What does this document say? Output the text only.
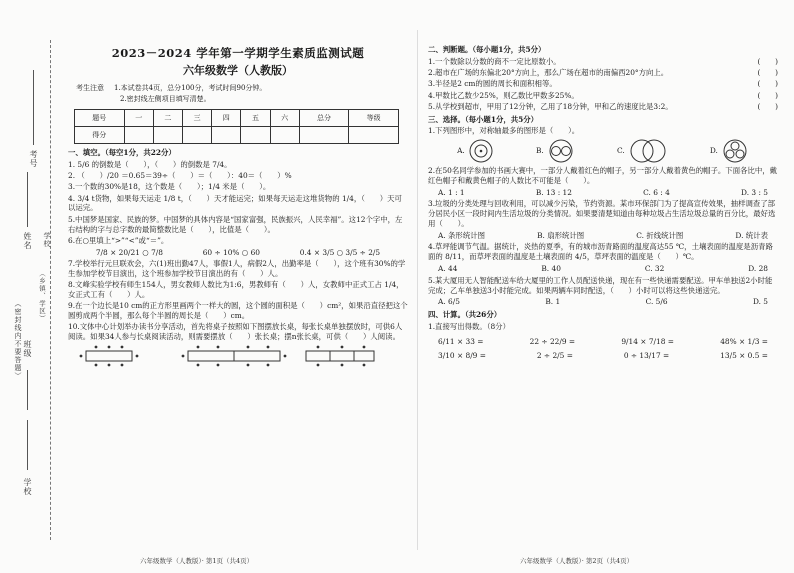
考号
姓名 学校
（密封线内不要答题） 班级
学校
（乡镇、学区）
2023－2024 学年第一学期学生素质监测试题
六年级数学（人教版）
考生注意 1.本试卷共4页，总分100分，考试时间90分钟。
2.密封线左侧项目填写清楚。
题号	一	二	三	四	五	六	总分	等级
得分								
一、填空。（每空1分，共22分）
1. 5/6 的倒数是（　　），（　　）的倒数是 7/4。
2. （　　）/20 ＝0.65＝39÷（　　）＝（　　）：40＝（　　）%
3.一个数的30%是18，这个数是（　　）；1/4 米是（　　）。
4. 3/4 t货物，如果每天运走 1/8 t，（　　）天才能运完；如果每天运走这堆货物的 1/4，（　　）天可以运完。
5.中国梦是国家、民族的梦。中国梦的具体内容是“国家富强，民族振兴，人民幸福”。这12个字中，左右结构的字与总字数的最简整数比是（　　），比值是（　　）。
6.在○里填上“>”“<”或“＝”。
7/8 × 20/21 ○ 7/8	60 ÷ 10% ○ 60	0.4 × 3/5 ○ 3/5 ÷ 2/5
7.学校举行元旦联欢会，六(1)班出勤47人，事假1人，病假2人，出勤率是（　　），这个班有30%的学生参加学校节目演出，这个班参加学校节目演出的有（　　）人。
8.文峰实验学校有师生154人，男女教师人数比为1:6，男教师有（　　）人，女教师中正式工占 1/4，女正式工有（　　）人。
9.在一个边长是10 cm的正方形里画两个一样大的圆，这个圆的面积是（　　）cm²，如果沿直径把这个圆剪成两个半圆，那么每个半圆的周长是（　　）cm。
10.文体中心计划举办读书分享活动，首先将桌子按照如下图摆放长桌，每张长桌单独摆放时，可供6人阅读。如果34人参与长桌阅读活动，则需要摆放（　　）张长桌；摆n张长桌，可供（　　）人阅读。
六年级数学（人教版）· 第1页（共4页）
二、判断题。（每小题1分，共5分）
1.一个数除以分数的商不一定比原数小。	(　　)
2.超市在广场的东偏北20°方向上，那么广场在超市的南偏西20°方向上。	(　　)
3.半径是2 cm的圆的周长和面积相等。	(　　)
4.甲数比乙数少25%，则乙数比甲数多25%。	(　　)
5.从学校到超市，甲用了12分钟，乙用了18分钟，甲和乙的速度比是3:2。	(　　)
三、选择。（每小题1分，共5分）
1.下列图形中，对称轴最多的图形是（　　）。
A.	B.	C.	D.
2.在50名同学参加的书画大赛中，一部分人戴着红色的帽子，另一部分人戴着黄色的帽子。下面各比中，戴红色帽子和戴黄色帽子的人数比不可能是（　　）。
A. 1 : 1	B. 13 : 12	C. 6 : 4	D. 3 : 5
3.垃圾的分类处理与回收利用，可以减少污染，节约资源。某市环保部门为了提高宣传效果，抽样调查了部分居民小区一段时间内生活垃圾的分类情况。如果要清楚知道由每种垃圾占生活垃圾总量的百分比，最好选用（　　）。
A. 条形统计图	B. 扇形统计图	C. 折线统计图	D. 统计表
4.草坪能调节气温。据统计，炎热的夏季，有的城市沥青路面的温度高达55 ℃，土壤表面的温度是沥青路面的 8/11，而草坪表面的温度是土壤表面的 4/5，草坪表面的温度是（　　）℃。
A. 44	B. 40	C. 32	D. 28
5.某大厦用无人智能配送车给大厦里的工作人员配送快递，现在有一些快递需要配送。甲车单独送2小时能完成；乙车单独送3小时能完成。如果两辆车同时配送，（　　）小时可以将这些快递送完。
A. 6/5	B. 1	C. 5/6	D. 5
四、计算。（共26分）
1.直接写出得数。（8分）
6/11 × 33 =	22 ÷ 22/9 =	9/14 × 7/18 =	48% × 1/3 =
3/10 × 8/9 =	2 ÷ 2/5 =	0 ÷ 13/17 =	13/5 × 0.5 =
六年级数学（人教版）· 第2页（共4页）
